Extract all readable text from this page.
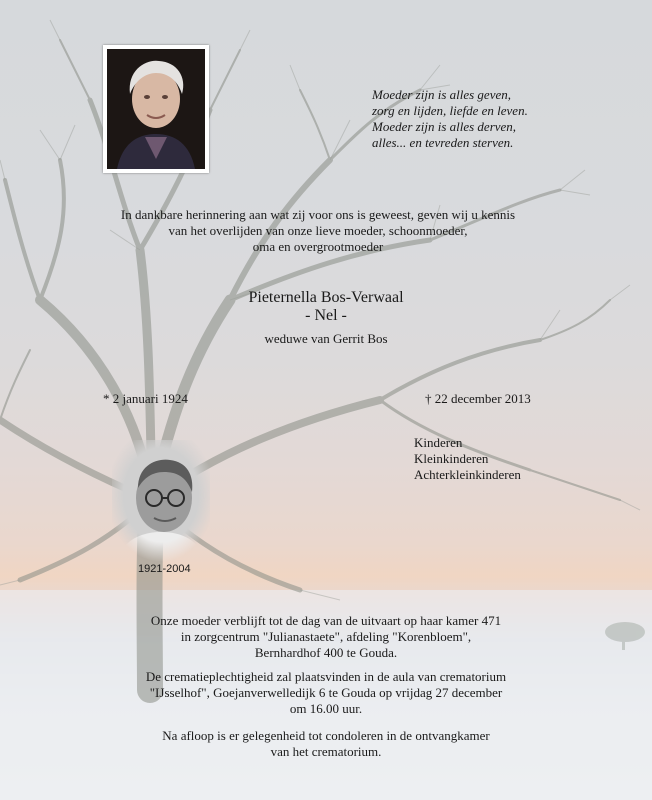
Moeder zijn is alles geven,
zorg en lijden, liefde en leven.
Moeder zijn is alles derven,
alles... en tevreden sterven.
In dankbare herinnering aan wat zij voor ons is geweest, geven wij u kennis
van het overlijden van onze lieve moeder, schoonmoeder,
oma en overgrootmoeder
Pieternella Bos-Verwaal
- Nel -
weduwe van Gerrit Bos
* 2 januari 1924	† 22 december 2013
Kinderen
Kleinkinderen
Achterkleinkinderen
1921-2004
Onze moeder verblijft tot de dag van de uitvaart op haar kamer 471
in zorgcentrum "Julianastaete", afdeling "Korenbloem",
Bernhardhof 400 te Gouda.
De crematieplechtigheid zal plaatsvinden in de aula van crematorium
"IJsselhof", Goejanverwelledijk 6 te Gouda op vrijdag 27 december
om 16.00 uur.
Na afloop is er gelegenheid tot condoleren in de ontvangkamer
van het crematorium.
